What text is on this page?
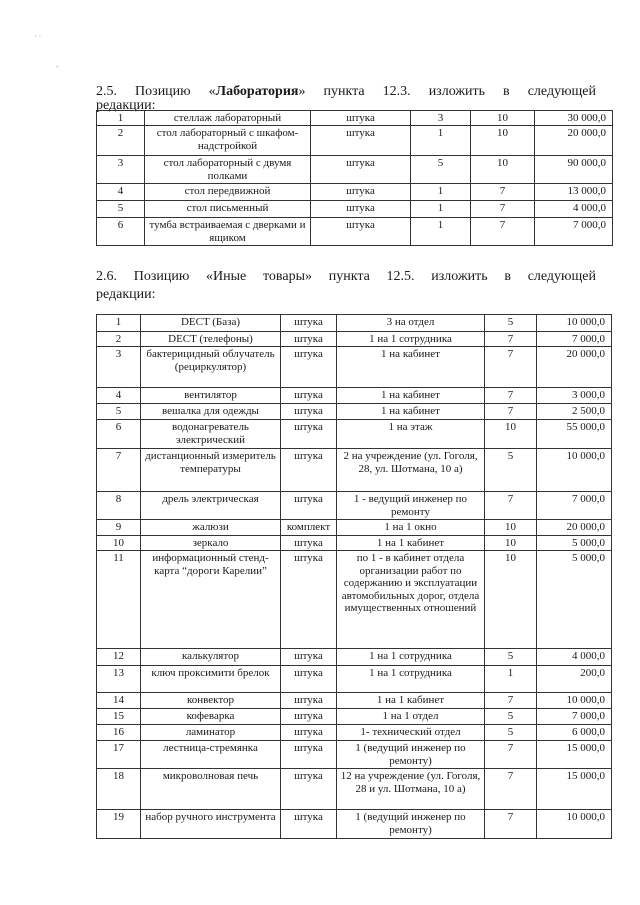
· ·
-
2.5. Позицию «Лаборатория» пункта 12.3. изложить в следующей
редакции:
1	стеллаж лабораторный	штука	3	10	30 000,0
2	стол лабораторный с шкафом-надстройкой	штука	1	10	20 000,0
3	стол лабораторный с двумя полками	штука	5	10	90 000,0
4	стол передвижной	штука	1	7	13 000,0
5	стол письменный	штука	1	7	4 000,0
6	тумба встраиваемая с дверками и ящиком	штука	1	7	7 000,0
2.6. Позицию «Иные товары» пункта 12.5. изложить в следующей
редакции:
1	DECT (База)	штука	3 на отдел	5	10 000,0
2	DECT (телефоны)	штука	1 на 1 сотрудника	7	7 000,0
3	бактерицидный облучатель (рециркулятор)	штука	1 на кабинет	7	20 000,0
4	вентилятор	штука	1 на кабинет	7	3 000,0
5	вешалка для одежды	штука	1 на кабинет	7	2 500,0
6	водонагреватель электрический	штука	1 на этаж	10	55 000,0
7	дистанционный измеритель температуры	штука	2 на учреждение (ул. Гоголя, 28, ул. Шотмана, 10 а)	5	10 000,0
8	дрель электрическая	штука	1 - ведущий инженер по ремонту	7	7 000,0
9	жалюзи	комплект	1 на 1 окно	10	20 000,0
10	зеркало	штука	1 на 1 кабинет	10	5 000,0
11	информационный стенд-карта “дороги Карелии”	штука	по 1 - в кабинет отдела организации работ по содержанию и эксплуатации автомобильных дорог, отдела имущественных отношений	10	5 000,0
12	калькулятор	штука	1 на 1 сотрудника	5	4 000,0
13	ключ проксимити брелок	штука	1 на 1 сотрудника	1	200,0
14	конвектор	штука	1 на 1 кабинет	7	10 000,0
15	кофеварка	штука	1 на 1 отдел	5	7 000,0
16	ламинатор	штука	1- технический отдел	5	6 000,0
17	лестница-стремянка	штука	1 (ведущий инженер по ремонту)	7	15 000,0
18	микроволновая печь	штука	12 на учреждение (ул. Гоголя, 28 и ул. Шотмана, 10 а)	7	15 000,0
19	набор ручного инструмента	штука	1 (ведущий инженер по ремонту)	7	10 000,0
